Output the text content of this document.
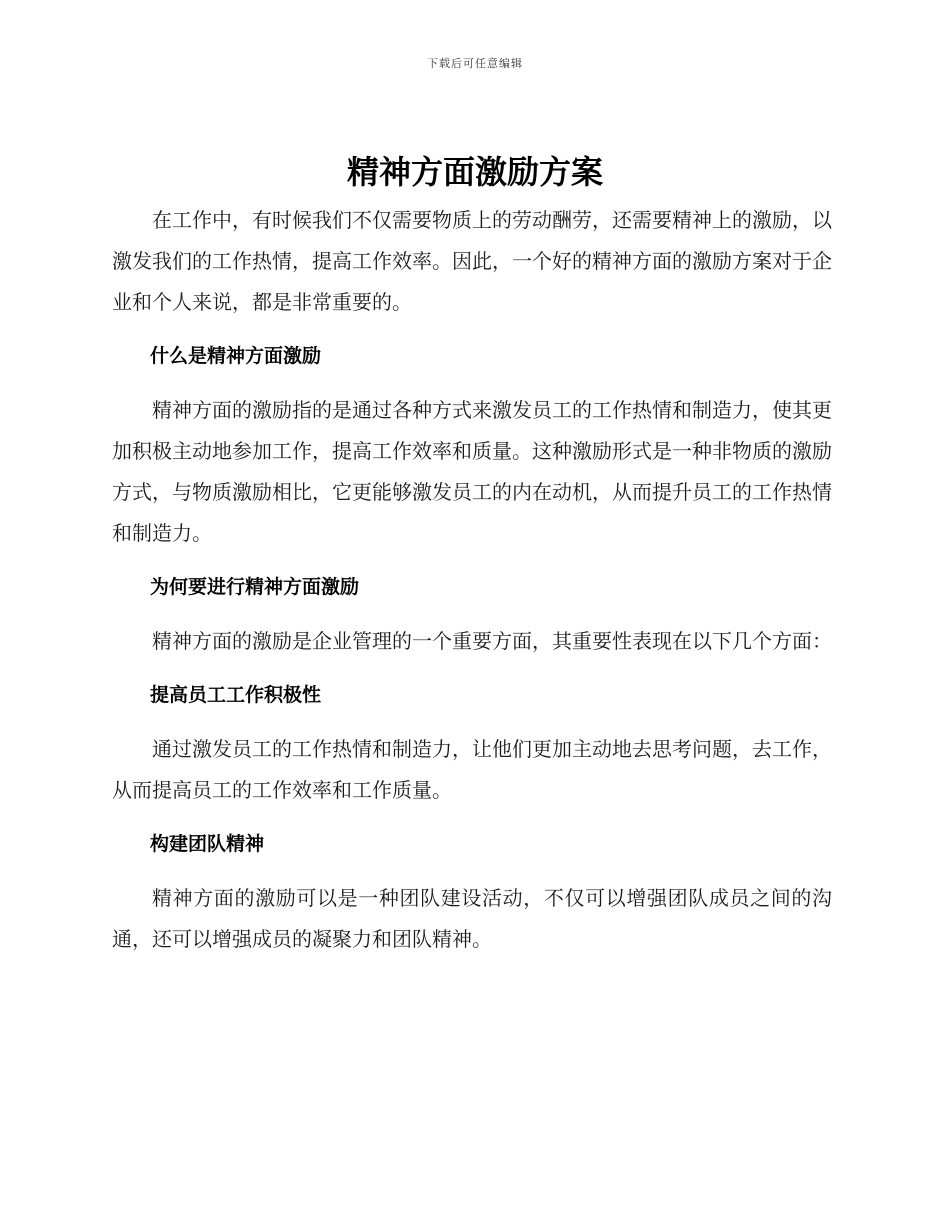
下载后可任意编辑
精神方面激励方案

在工作中，有时候我们不仅需要物质上的劳动酬劳，还需要精神上的激励，以激发我们的工作热情，提高工作效率。因此，一个好的精神方面的激励方案对于企业和个人来说，都是非常重要的。

什么是精神方面激励

精神方面的激励指的是通过各种方式来激发员工的工作热情和制造力，使其更加积极主动地参加工作，提高工作效率和质量。这种激励形式是一种非物质的激励方式，与物质激励相比，它更能够激发员工的内在动机，从而提升员工的工作热情和制造力。

为何要进行精神方面激励

精神方面的激励是企业管理的一个重要方面，其重要性表现在以下几个方面：

提高员工工作积极性

通过激发员工的工作热情和制造力，让他们更加主动地去思考问题，去工作，从而提高员工的工作效率和工作质量。

构建团队精神

精神方面的激励可以是一种团队建设活动，不仅可以增强团队成员之间的沟通，还可以增强成员的凝聚力和团队精神。
